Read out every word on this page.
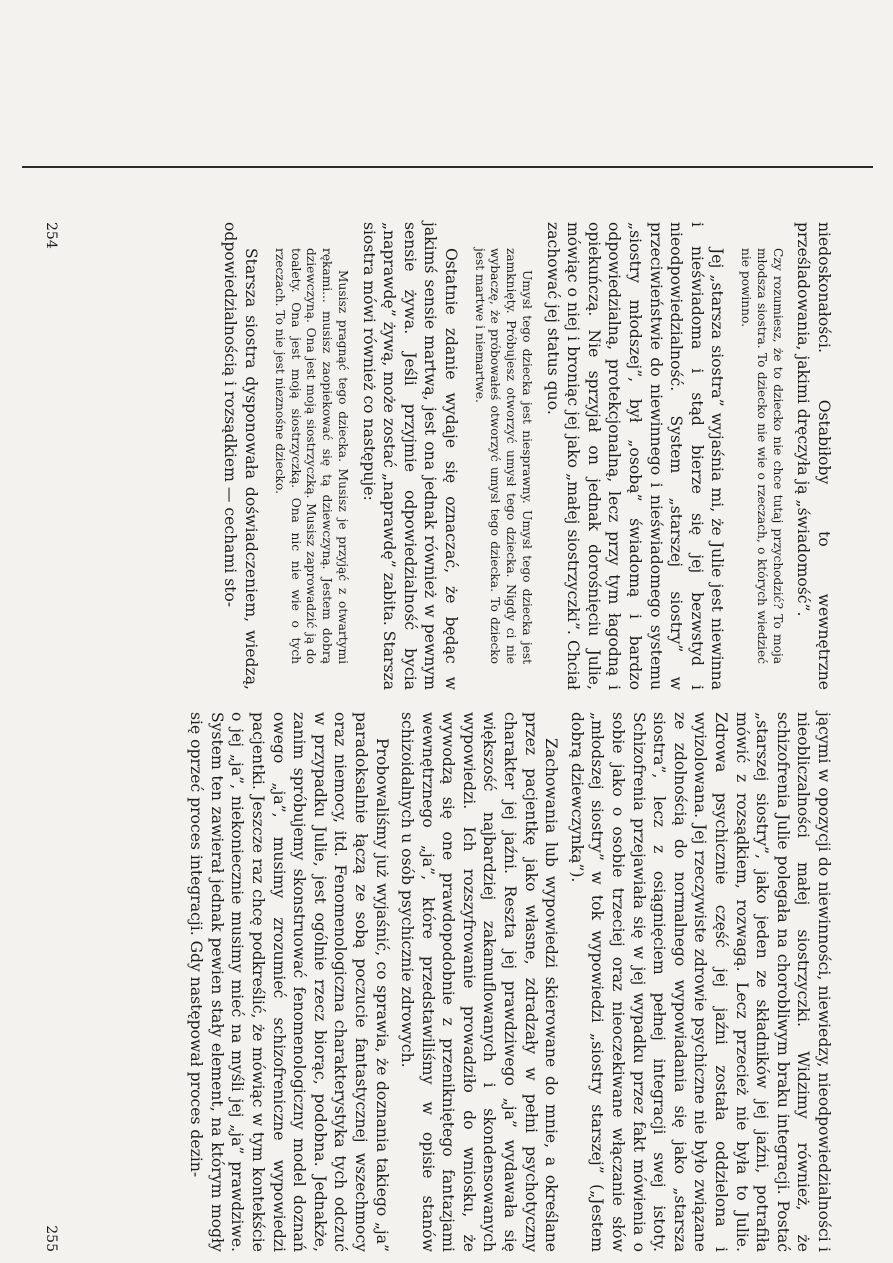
niedoskonałości. Ostabiłoby to wewnętrzne prześladowania, jakimi dręczyła ją „świadomość”.

Czy rozumiesz, że to dziecko nie chce tutaj przychodzić? To moja młodsza siostra. To dziecko nie wie o rzeczach, o których wiedzieć nie powinno.

Jej „starsza siostra” wyjaśnia mi, że Julie jest niewinna i nieświadoma i stąd bierze się jej bezwstyd i nieodpowiedzialność. System „starszej siostry” w przeciwieństwie do niewinnego i nieświadomego systemu „siostry młodszej”, był „osobą” świadomą i bardzo odpowiedzialną, protekcjonalną, lecz przy tym łagodną i opiekuńczą. Nie sprzyjał on jednak dorośnięciu Julie, mówiąc o niej i broniąc jej jako „małej siostrzyczki”. Chciał zachować jej status quo.

Umysł tego dziecka jest niesprawny. Umysł tego dziecka jest zamknięty. Próbujesz otworzyć umysł tego dziecka. Nigdy ci nie wybaczę, że próbowałeś otworzyć umysł tego dziecka. To dziecko jest martwe i niemartwe.

Ostatnie zdanie wydaje się oznaczać, że będąc w jakimś sensie martwą, jest ona jednak również w pewnym sensie żywa. Jeśli przyjmie odpowiedzialność bycia „naprawdę” żywą, może zostać „naprawdę” zabita. Starsza siostra mówi również co następuje:

Musisz pragnąć tego dziecka. Musisz je przyjąć z otwartymi rękami... musisz zaopiekować się tą dziewczyną. Jestem dobrą dziewczyną. Ona jest moją siostrzyczką. Musisz zaprowadzić ją do toalety. Ona jest moją siostrzyczką. Ona nic nie wie o tych rzeczach. To nie jest nieznośne dziecko.

Starsza siostra dysponowała doświadczeniem, wiedzą, odpowiedzialnością i rozsądkiem — cechami sto-

254

jącymi w opozycji do niewinności, niewiedzy, nieodpowiedzialności i nieobliczalności małej siostrzyczki. Widzimy również, że schizofrenia Julie polegała na chorobliwym braku integracji. Postać „starszej siostry”, jako jeden ze składników jej jaźni, potrafiła mówić z rozsądkiem, rozwagą. Lecz przecież nie była to Julie. Zdrowa psychicznie część jej jaźni została oddzielona i wyizolowana. Jej rzeczywiste zdrowie psychiczne nie było związane ze zdolnością do normalnego wypowiadania się jako „starsza siostra”, lecz z osiągnięciem pełnej integracji swej istoty. Schizofrenia przejawiała się w jej wypadku przez fakt mówienia o sobie jako o osobie trzeciej oraz nieoczekiwane włączanie słów „młodszej siostry” w tok wypowiedzi „siostry starszej” („Jestem dobrą dziewczynką”).

Zachowania lub wypowiedzi skierowane do mnie, a określane przez pacjentkę jako własne, zdradzały w pełni psychotyczny charakter jej jaźni. Reszta jej prawdziwego „ja” wydawała się większość najbardziej zakamuflowanych i skondensowanych wypowiedzi. Ich rozszyfrowanie prowadziło do wniosku, że wywodzą się one prawdopodobnie z przenikniętego fantazjami wewnętrznego „ja”, które przedstawiliśmy w opisie stanów schizoidalnych u osób psychicznie zdrowych.

Probowaliśmy już wyjaśnić, co sprawia, że doznania takiego „ja” paradoksalnie łączą ze sobą poczucie fantastycznej wszechmocy oraz niemocy, itd. Fenomenologiczna charakterystyka tych odczuć w przypadku Julie, jest ogólnie rzecz biorąc, podobna. Jednakże, zanim spróbujemy skonstruować fenomenologiczny model doznań owego „ja”, musimy zrozumieć schizofreniczne wypowiedzi pacjentki. Jeszcze raz chcę podkreślić, że mówiąc w tym kontekście o jej „ja”, niekoniecznie musimy mieć na myśli jej „ja” prawdziwe. System ten zawierał jednak pewien stały element, na którym mogły się oprzeć proces integracji. Gdy następował proces dezin-

255
